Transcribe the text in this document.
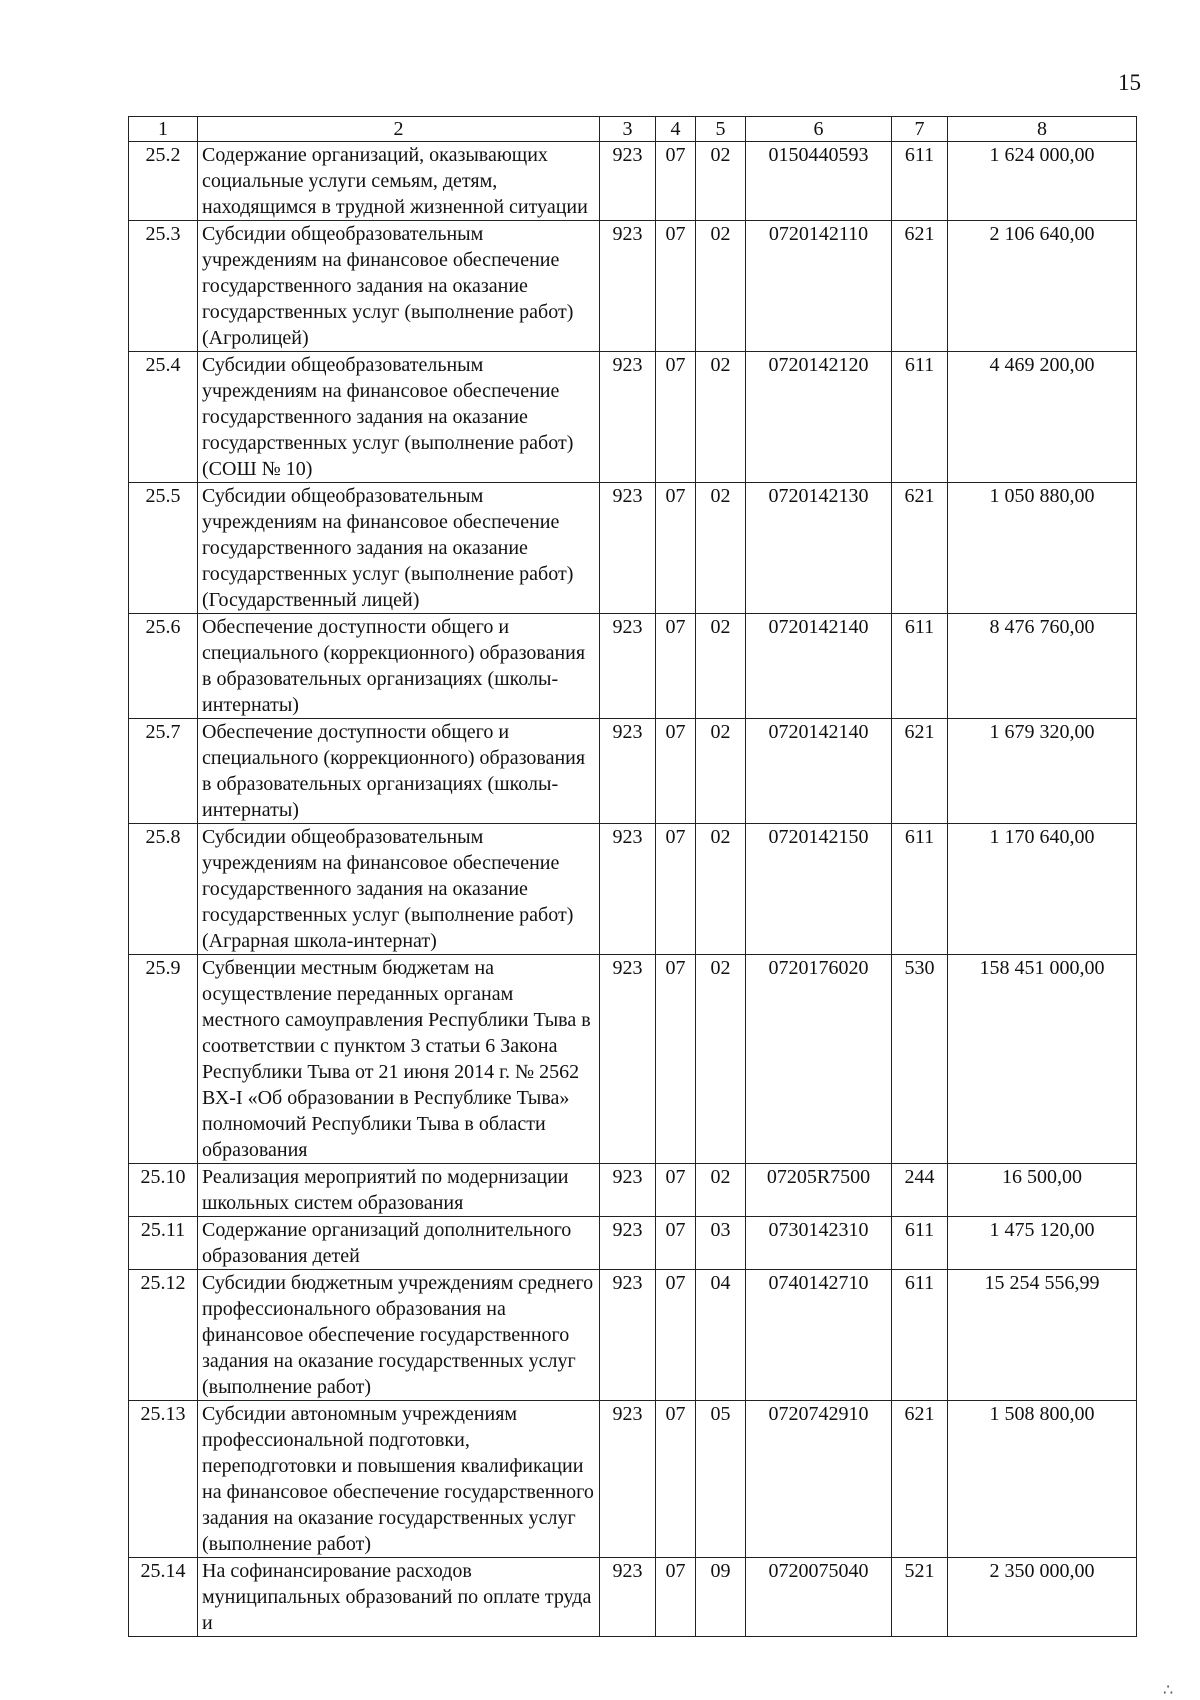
15
1	2	3	4	5	6	7	8
25.2	Содержание организаций, оказывающих социальные услуги семьям, детям, находящимся в трудной жизненной ситуации	923	07	02	0150440593	611	1 624 000,00
25.3	Субсидии общеобразовательным учреждениям на финансовое обеспечение государственного задания на оказание государственных услуг (выполнение работ) (Агролицей)	923	07	02	0720142110	621	2 106 640,00
25.4	Субсидии общеобразовательным учреждениям на финансовое обеспечение государственного задания на оказание государственных услуг (выполнение работ) (СОШ № 10)	923	07	02	0720142120	611	4 469 200,00
25.5	Субсидии общеобразовательным учреждениям на финансовое обеспечение государственного задания на оказание государственных услуг (выполнение работ) (Государственный лицей)	923	07	02	0720142130	621	1 050 880,00
25.6	Обеспечение доступности общего и специального (коррекционного) образования в образовательных организациях (школы-интернаты)	923	07	02	0720142140	611	8 476 760,00
25.7	Обеспечение доступности общего и специального (коррекционного) образования в образовательных организациях (школы-интернаты)	923	07	02	0720142140	621	1 679 320,00
25.8	Субсидии общеобразовательным учреждениям на финансовое обеспечение государственного задания на оказание государственных услуг (выполнение работ) (Аграрная школа-интернат)	923	07	02	0720142150	611	1 170 640,00
25.9	Субвенции местным бюджетам на осуществление переданных органам местного самоуправления Республики Тыва в соответствии с пунктом 3 статьи 6 Закона Республики Тыва от 21 июня 2014 г. № 2562 ВХ-I «Об образовании в Республике Тыва» полномочий Республики Тыва в области образования	923	07	02	0720176020	530	158 451 000,00
25.10	Реализация мероприятий по модернизации школьных систем образования	923	07	02	07205R7500	244	16 500,00
25.11	Содержание организаций дополнительного образования детей	923	07	03	0730142310	611	1 475 120,00
25.12	Субсидии бюджетным учреждениям среднего профессионального образования на финансовое обеспечение государственного задания на оказание государственных услуг (выполнение работ)	923	07	04	0740142710	611	15 254 556,99
25.13	Субсидии автономным учреждениям профессиональной подготовки, переподготовки и повышения квалификации на финансовое обеспечение государственного задания на оказание государственных услуг (выполнение работ)	923	07	05	0720742910	621	1 508 800,00
25.14	На софинансирование расходов муниципальных образований по оплате труда и	923	07	09	0720075040	521	2 350 000,00
∴
